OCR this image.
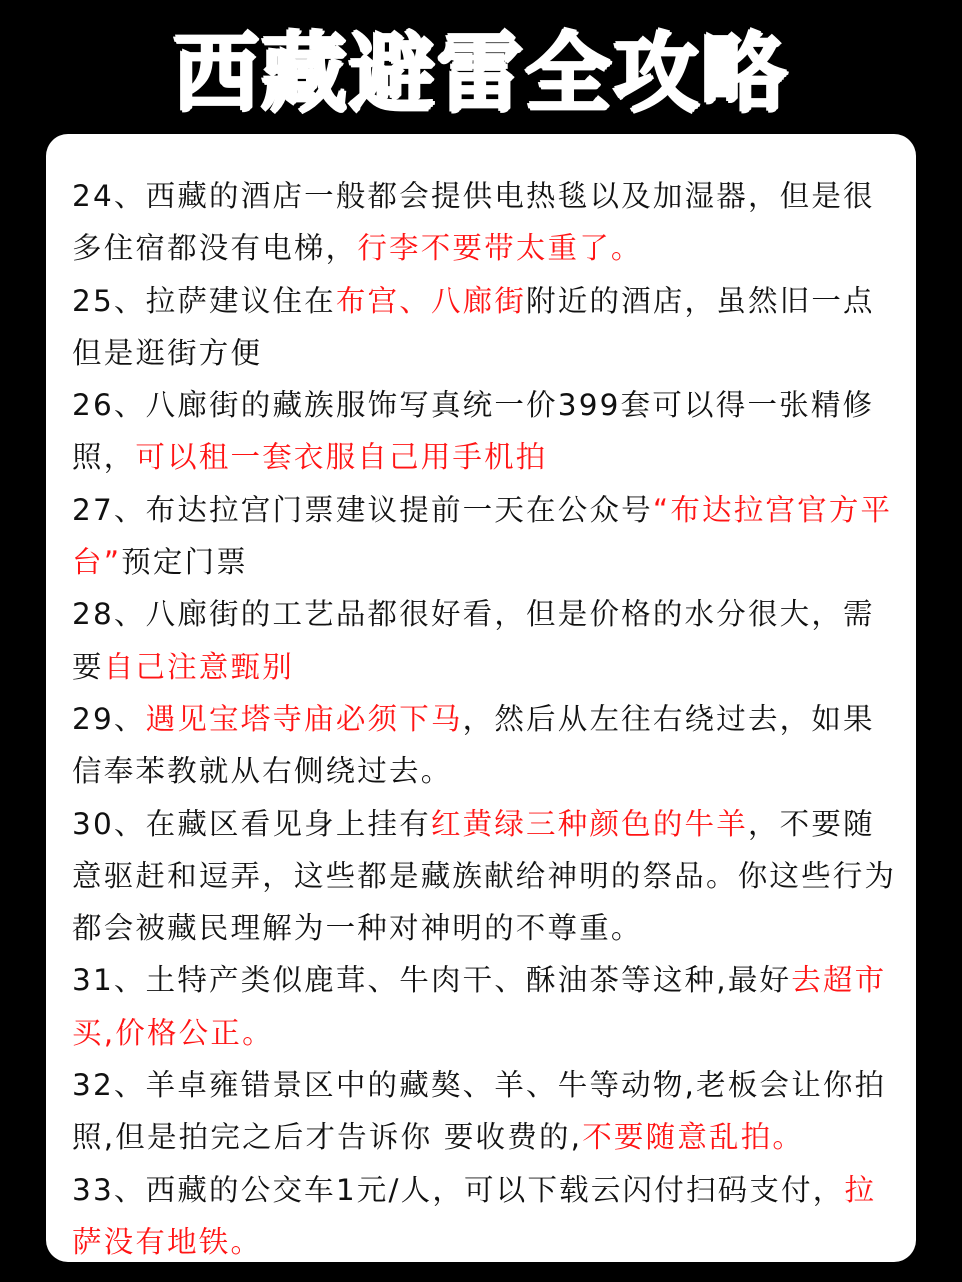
西藏避雷全攻略

24、西藏的酒店一般都会提供电热毯以及加湿器，但是很多住宿都没有电梯，行李不要带太重了。

25、拉萨建议住在布宫、八廊街附近的酒店，虽然旧一点但是逛街方便

26、八廊街的藏族服饰写真统一价399套可以得一张精修照，可以租一套衣服自己用手机拍

27、布达拉宫门票建议提前一天在公众号“布达拉宫官方平台”预定门票

28、八廊街的工艺品都很好看，但是价格的水分很大，需要自己注意甄别

29、遇见宝塔寺庙必须下马，然后从左往右绕过去，如果信奉苯教就从右侧绕过去。

30、在藏区看见身上挂有红黄绿三种颜色的牛羊，不要随意驱赶和逗弄，这些都是藏族献给神明的祭品。你这些行为都会被藏民理解为一种对神明的不尊重。

31、土特产类似鹿茸、牛肉干、酥油茶等这种,最好去超市买,价格公正。

32、羊卓雍错景区中的藏獒、羊、牛等动物,老板会让你拍照,但是拍完之后才告诉你 要收费的,不要随意乱拍。

33、西藏的公交车1元/人，可以下载云闪付扫码支付，拉萨没有地铁。
